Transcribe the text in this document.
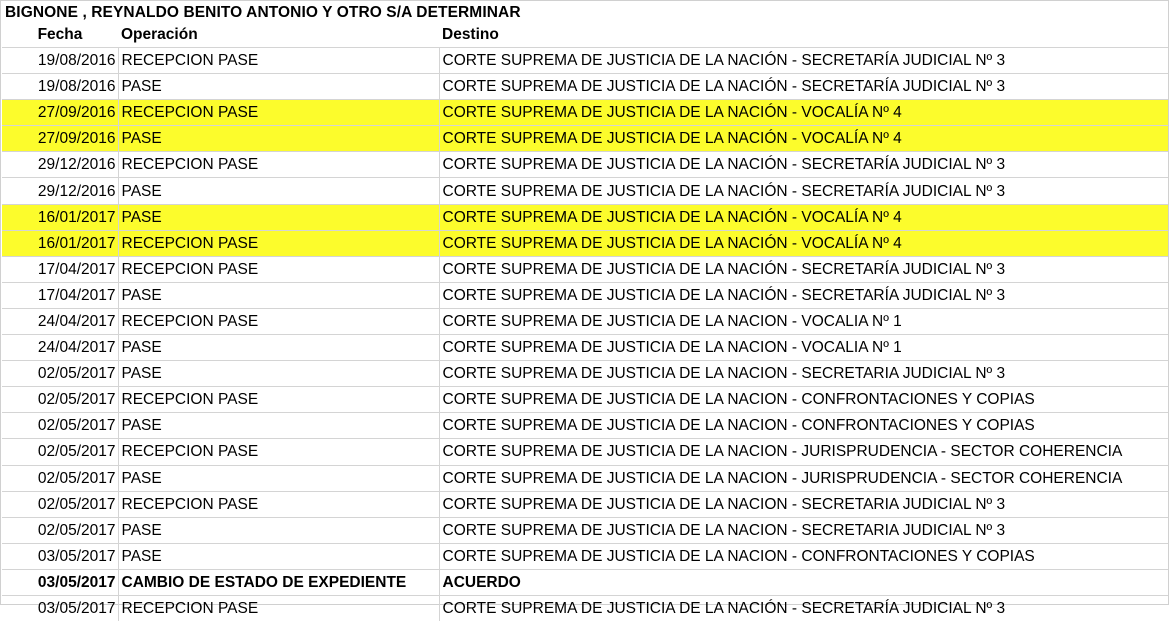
BIGNONE , REYNALDO BENITO ANTONIO Y OTRO S/A DETERMINAR
Fecha	Operación	Destino
19/08/2016	RECEPCION PASE	CORTE SUPREMA DE JUSTICIA DE LA NACIÓN - SECRETARÍA JUDICIAL Nº 3
19/08/2016	PASE	CORTE SUPREMA DE JUSTICIA DE LA NACIÓN - SECRETARÍA JUDICIAL Nº 3
27/09/2016	RECEPCION PASE	CORTE SUPREMA DE JUSTICIA DE LA NACIÓN - VOCALÍA Nº 4
27/09/2016	PASE	CORTE SUPREMA DE JUSTICIA DE LA NACIÓN - VOCALÍA Nº 4
29/12/2016	RECEPCION PASE	CORTE SUPREMA DE JUSTICIA DE LA NACIÓN - SECRETARÍA JUDICIAL Nº 3
29/12/2016	PASE	CORTE SUPREMA DE JUSTICIA DE LA NACIÓN - SECRETARÍA JUDICIAL Nº 3
16/01/2017	PASE	CORTE SUPREMA DE JUSTICIA DE LA NACIÓN - VOCALÍA Nº 4
16/01/2017	RECEPCION PASE	CORTE SUPREMA DE JUSTICIA DE LA NACIÓN - VOCALÍA Nº 4
17/04/2017	RECEPCION PASE	CORTE SUPREMA DE JUSTICIA DE LA NACIÓN - SECRETARÍA JUDICIAL Nº 3
17/04/2017	PASE	CORTE SUPREMA DE JUSTICIA DE LA NACIÓN - SECRETARÍA JUDICIAL Nº 3
24/04/2017	RECEPCION PASE	CORTE SUPREMA DE JUSTICIA DE LA NACION - VOCALIA Nº 1
24/04/2017	PASE	CORTE SUPREMA DE JUSTICIA DE LA NACION - VOCALIA Nº 1
02/05/2017	PASE	CORTE SUPREMA DE JUSTICIA DE LA NACION - SECRETARIA JUDICIAL Nº 3
02/05/2017	RECEPCION PASE	CORTE SUPREMA DE JUSTICIA DE LA NACION - CONFRONTACIONES Y COPIAS
02/05/2017	PASE	CORTE SUPREMA DE JUSTICIA DE LA NACION - CONFRONTACIONES Y COPIAS
02/05/2017	RECEPCION PASE	CORTE SUPREMA DE JUSTICIA DE LA NACION - JURISPRUDENCIA - SECTOR COHERENCIA
02/05/2017	PASE	CORTE SUPREMA DE JUSTICIA DE LA NACION - JURISPRUDENCIA - SECTOR COHERENCIA
02/05/2017	RECEPCION PASE	CORTE SUPREMA DE JUSTICIA DE LA NACION - SECRETARIA JUDICIAL Nº 3
02/05/2017	PASE	CORTE SUPREMA DE JUSTICIA DE LA NACION - SECRETARIA JUDICIAL Nº 3
03/05/2017	PASE	CORTE SUPREMA DE JUSTICIA DE LA NACION - CONFRONTACIONES Y COPIAS
03/05/2017	CAMBIO DE ESTADO DE EXPEDIENTE	ACUERDO
03/05/2017	RECEPCION PASE	CORTE SUPREMA DE JUSTICIA DE LA NACIÓN - SECRETARÍA JUDICIAL Nº 3
